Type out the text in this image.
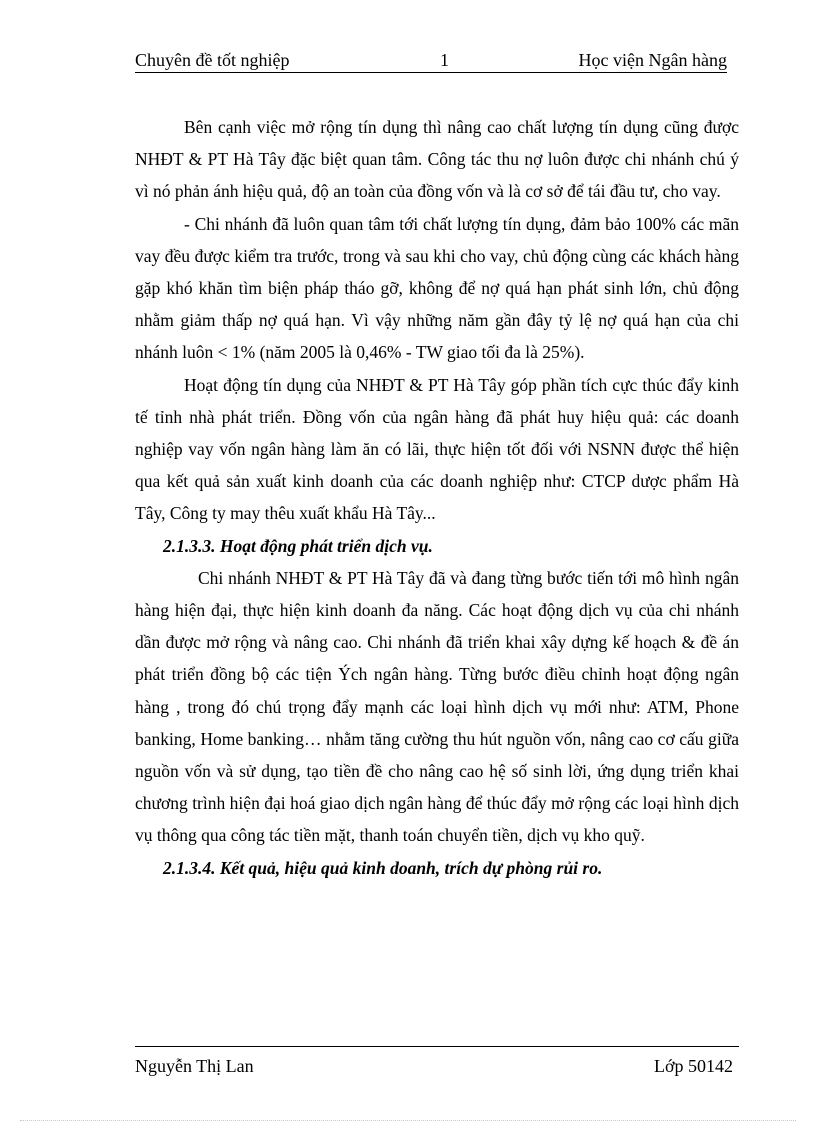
Chuyên đề tốt nghiệp	1	Học viện Ngân hàng

Bên cạnh việc mở rộng tín dụng thì nâng cao chất lượng tín dụng cũng được NHĐT & PT Hà Tây đặc biệt quan tâm. Công tác thu nợ luôn được chi nhánh chú ý vì nó phản ánh hiệu quả, độ an toàn của đồng vốn và là cơ sở để tái đầu tư, cho vay.

- Chi nhánh đã luôn quan tâm tới chất lượng tín dụng, đảm bảo 100% các mãn vay đều được kiểm tra trước, trong và sau khi cho vay, chủ động cùng các khách hàng gặp khó khăn tìm biện pháp tháo gỡ, không để nợ quá hạn phát sinh lớn, chủ động nhằm giảm thấp nợ quá hạn. Vì vậy những năm gần đây tỷ lệ nợ quá hạn của chi nhánh luôn < 1% (năm 2005 là 0,46% - TW giao tối đa là 25%).

Hoạt động tín dụng của NHĐT & PT Hà Tây góp phần tích cực thúc đẩy kinh tế tỉnh nhà phát triển. Đồng vốn của ngân hàng đã phát huy hiệu quả: các doanh nghiệp vay vốn ngân hàng làm ăn có lãi, thực hiện tốt đối với NSNN được thể hiện qua kết quả sản xuất kinh doanh của các doanh nghiệp như: CTCP dược phẩm Hà Tây, Công ty may thêu xuất khẩu Hà Tây...

2.1.3.3. Hoạt động phát triển dịch vụ.

Chi nhánh NHĐT & PT Hà Tây đã và đang từng bước tiến tới mô hình ngân hàng hiện đại, thực hiện kinh doanh đa năng. Các hoạt động dịch vụ của chi nhánh dần được mở rộng và nâng cao. Chi nhánh đã triển khai xây dựng kế hoạch & đề án phát triển đồng bộ các tiện Ých ngân hàng. Từng bước điều chỉnh hoạt động ngân hàng , trong đó chú trọng đẩy mạnh các loại hình dịch vụ mới như: ATM, Phone banking, Home banking… nhằm tăng cường thu hút nguồn vốn, nâng cao cơ cấu giữa nguồn vốn và sử dụng, tạo tiền đề cho nâng cao hệ số sinh lời, ứng dụng triển khai chương trình hiện đại hoá giao dịch ngân hàng để thúc đẩy mở rộng các loại hình dịch vụ thông qua công tác tiền mặt, thanh toán chuyển tiền, dịch vụ kho quỹ.

2.1.3.4. Kết quả, hiệu quả kinh doanh, trích dự phòng rủi ro.

Nguyễn Thị Lan	Lớp 50142
